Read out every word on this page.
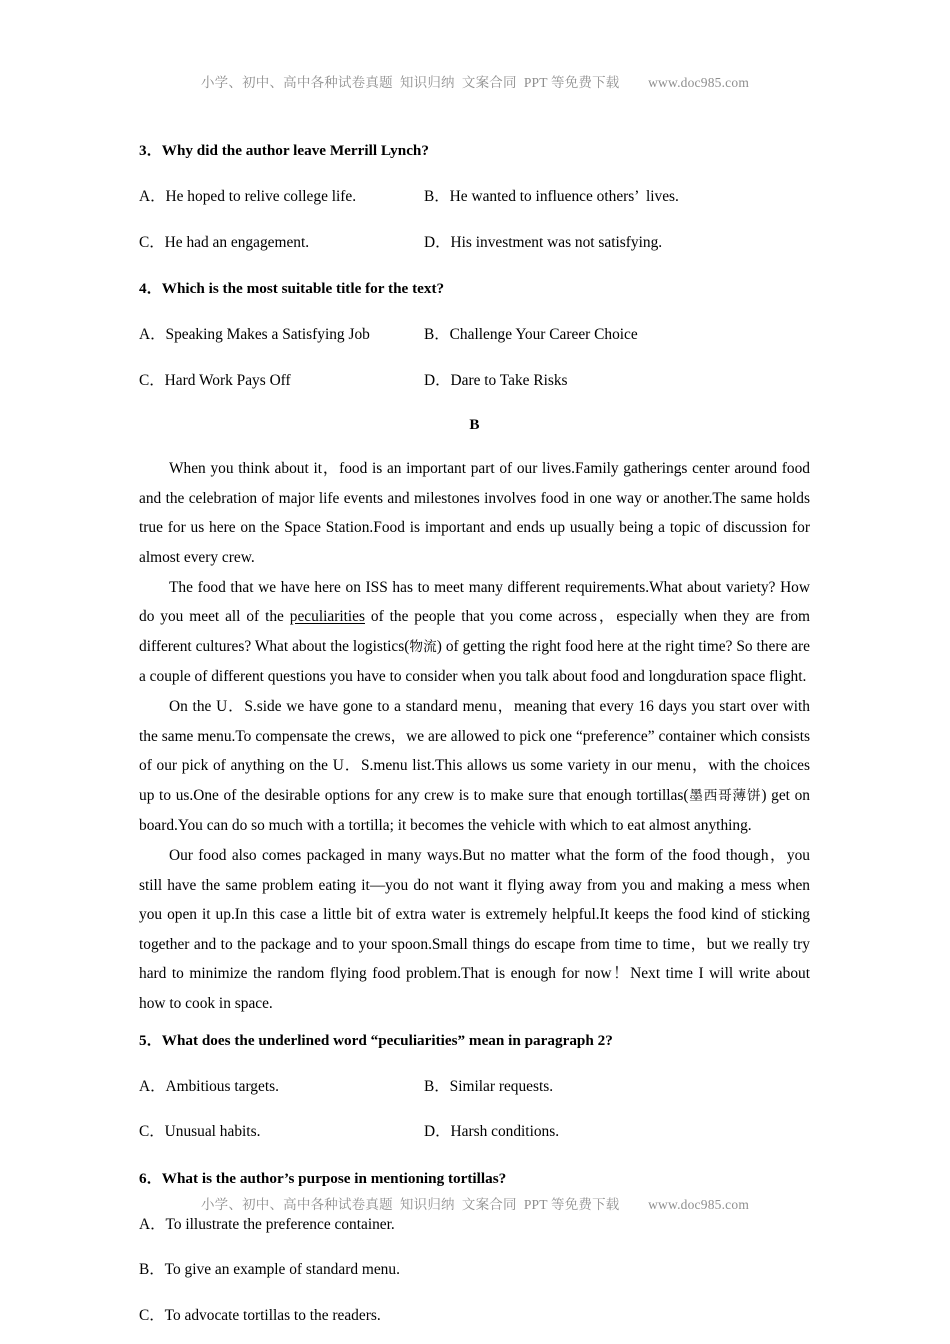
小学、初中、高中各种试卷真题  知识归纳  文案合同  PPT 等免费下载        www.doc985.com
3．Why did the author leave Merrill Lynch?
A．He hoped to relive college life.	B．He wanted to influence others’  lives.
C．He had an engagement.	D．His investment was not satisfying.
4．Which is the most suitable title for the text?
A．Speaking Makes a Satisfying Job	B．Challenge Your Career Choice
C．Hard Work Pays Off	D．Dare to Take Risks
B

When you think about it，food is an important part of our lives.Family gatherings center around food and the celebration of major life events and milestones involves food in one way or another.The same holds true for us here on the Space Station.Food is important and ends up usually being a topic of discussion for almost every crew.

The food that we have here on ISS has to meet many different requirements.What about variety? How do you meet all of the peculiarities of the people that you come across，especially when they are from different cultures? What about the logistics(物流) of getting the right food here at the right time? So there are a couple of different questions you have to consider when you talk about food and longduration space flight.

On the U．S.side we have gone to a standard menu，meaning that every 16 days you start over with the same menu.To compensate the crews，we are allowed to pick one “preference” container which consists of our pick of anything on the U．S.menu list.This allows us some variety in our menu，with the choices up to us.One of the desirable options for any crew is to make sure that enough tortillas(墨西哥薄饼) get on board.You can do so much with a tortilla; it becomes the vehicle with which to eat almost anything.

Our food also comes packaged in many ways.But no matter what the form of the food though，you still have the same problem eating it—you do not want it flying away from you and making a mess when you open it up.In this case a little bit of extra water is extremely helpful.It keeps the food kind of sticking together and to the package and to your spoon.Small things do escape from time to time，but we really try hard to minimize the random flying food problem.That is enough for now！Next time I will write about how to cook in space.

5．What does the underlined word “peculiarities” mean in paragraph 2?
A．Ambitious targets.	B．Similar requests.
C．Unusual habits.	D．Harsh conditions.
6．What is the author’s purpose in mentioning tortillas?
A．To illustrate the preference container.
B．To give an example of standard menu.
C．To advocate tortillas to the readers.
小学、初中、高中各种试卷真题  知识归纳  文案合同  PPT 等免费下载        www.doc985.com
